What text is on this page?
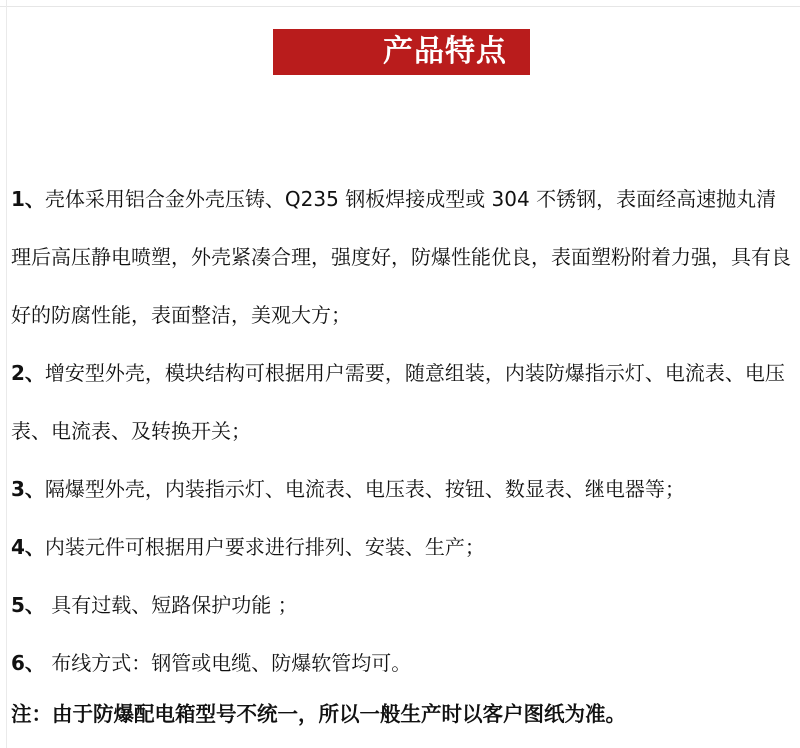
产品特点

1、壳体采用铝合金外壳压铸、Q235 钢板焊接成型或 304 不锈钢，表面经高速抛丸清理后高压静电喷塑，外壳紧凑合理，强度好，防爆性能优良，表面塑粉附着力强，具有良好的防腐性能，表面整洁，美观大方；

2、增安型外壳，模块结构可根据用户需要，随意组装，内装防爆指示灯、电流表、电压表、电流表、及转换开关；

3、隔爆型外壳，内装指示灯、电流表、电压表、按钮、数显表、继电器等；

4、内装元件可根据用户要求进行排列、安装、生产；

5、 具有过载、短路保护功能 ；

6、 布线方式：钢管或电缆、防爆软管均可。

注：由于防爆配电箱型号不统一，所以一般生产时以客户图纸为准。
